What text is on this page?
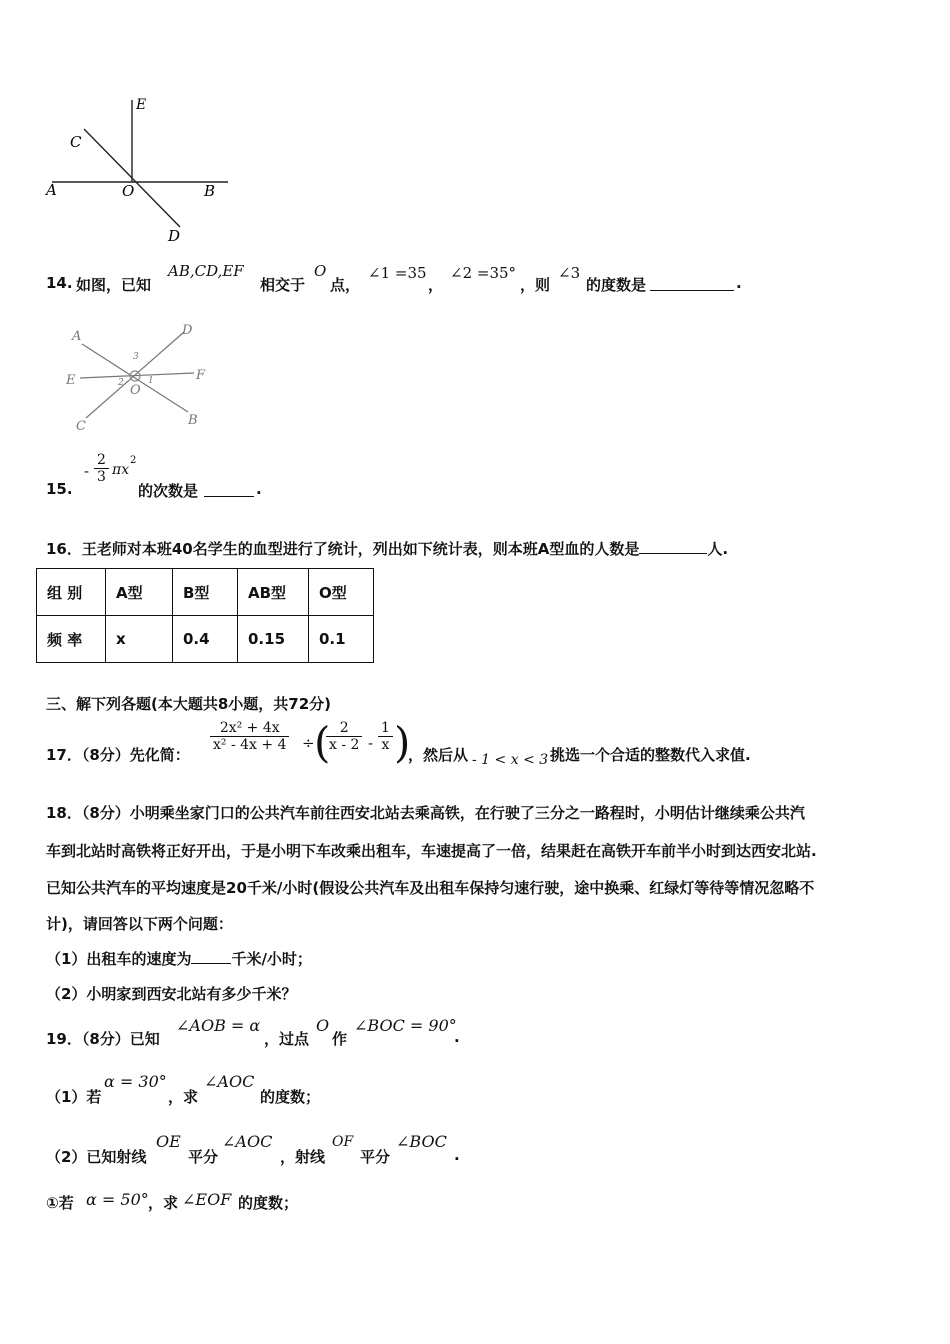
E
C
A	O	B
D
14. 如图，已知
AB,CD,EF
相交于
O
点，
∠1 =35
，
∠2 =35°
，则
∠3
的度数是	.
A	D
E	F
C	B
O
3
2	1
15.
- $\frac{2}{3}$ πx
2
的次数是	.
16．王老师对本班40名学生的血型进行了统计，列出如下统计表，则本班A型血的人数是	人.
组 别	A型	B型	AB型	O型
频 率	x	0.4	0.15	0.1
三、解下列各题(本大题共8小题，共72分)
17．（8分）先化简：
$\frac{\text{2x² + 4x}}{\text{x² - 4x + 4}}$ ÷ (
$\frac{2}{x - 2} - \frac{1}{x}$ )
，然后从 - 1 < x < 3 挑选一个合适的整数代入求值.
18．（8分）小明乘坐家门口的公共汽车前往西安北站去乘高铁，在行驶了三分之一路程时，小明估计继续乘公共汽
车到北站时高铁将正好开出，于是小明下车改乘出租车，车速提高了一倍，结果赶在高铁开车前半小时到达西安北站.
已知公共汽车的平均速度是20千米/小时(假设公共汽车及出租车保持匀速行驶，途中换乘、红绿灯等待等情况忽略不
计)，请回答以下两个问题：
（1）出租车的速度为	千米/小时；
（2）小明家到西安北站有多少千米？
19．（8分）已知
∠AOB = α
，过点
O
作
∠BOC = 90°
.
（1）若
α = 30°
，求
∠AOC
的度数；
（2）已知射线
OE
平分
∠AOC
，射线
OF
平分
∠BOC
.
①若 α = 50° ，求 ∠EOF 的度数；
